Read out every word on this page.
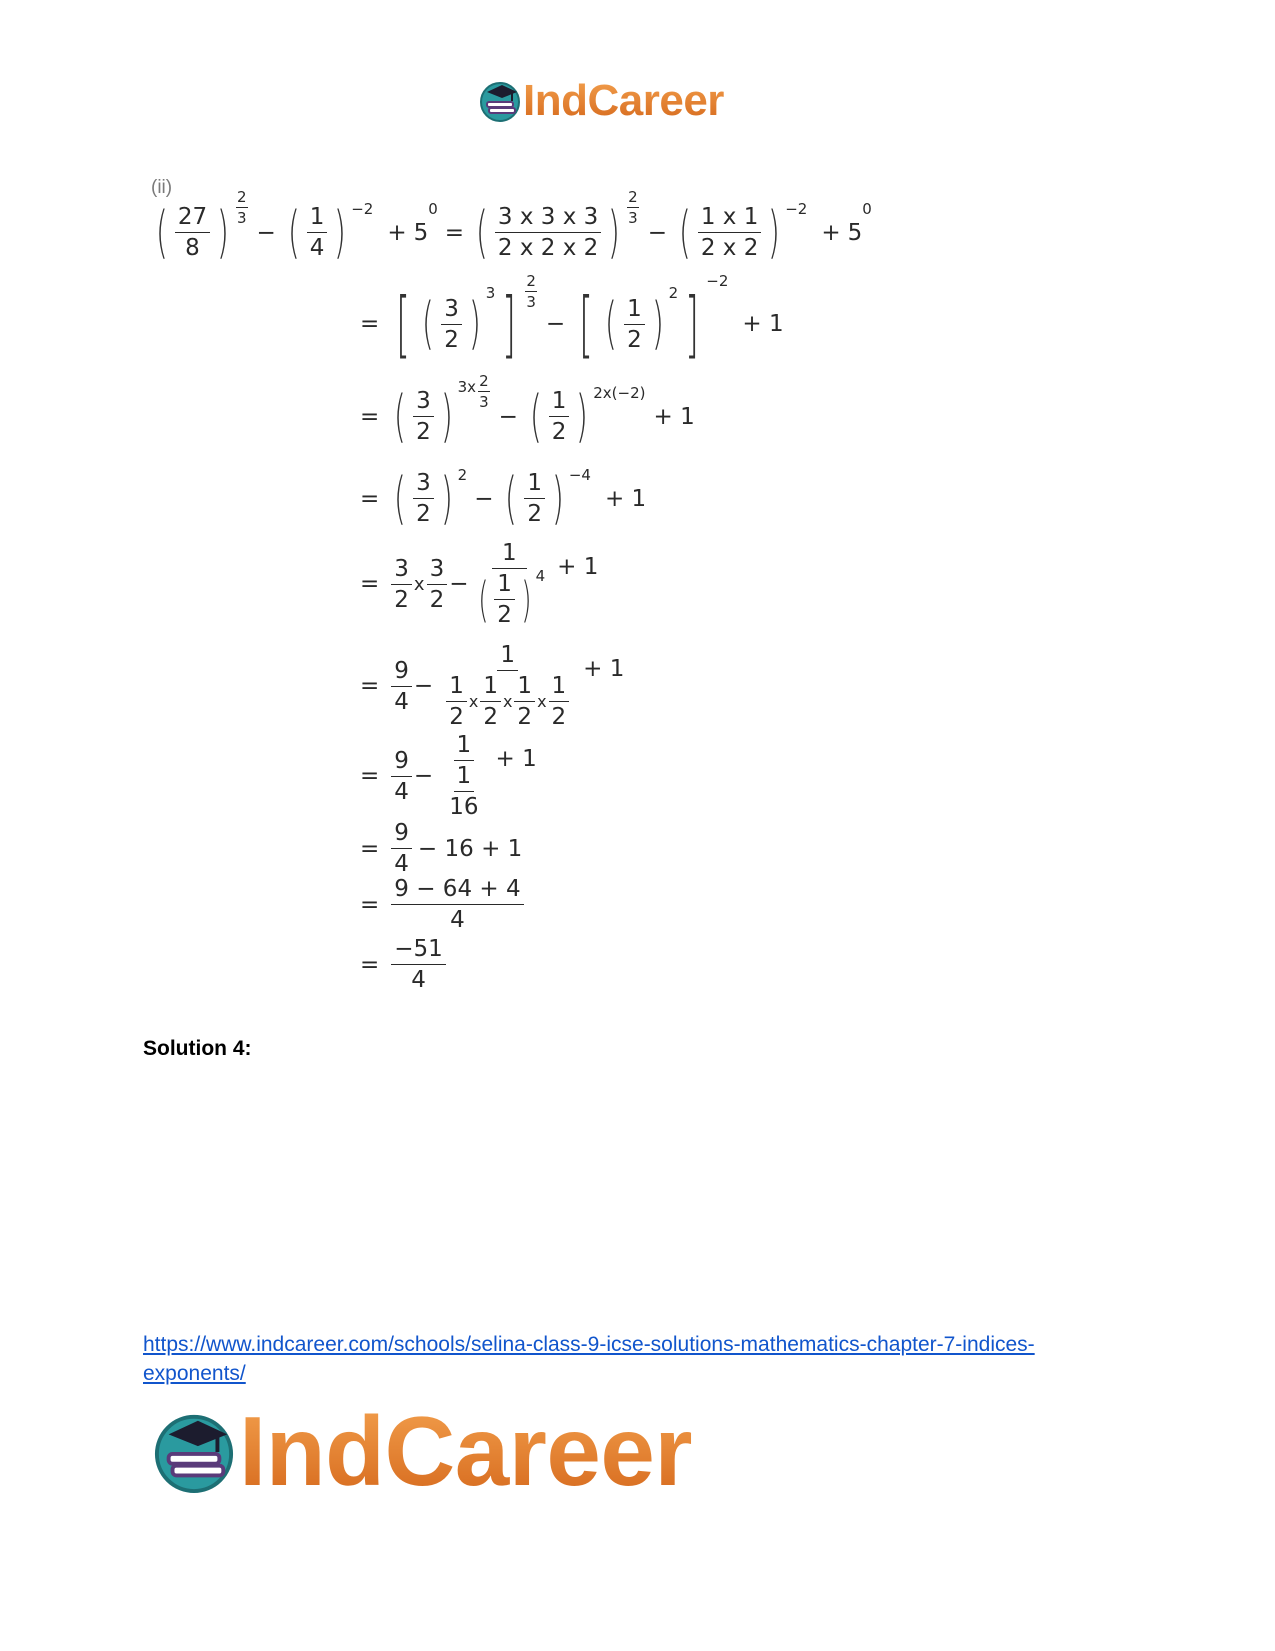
IndCareer
(ii)
( $\frac{27}{8}$ ) $\frac{2}{3}$
− ( $\frac{1}{4}$ ) −2
+ 5
0
= ( $\frac{3 x 3 x 3}{2 x 2 x 2}$ ) $\frac{2}{3}$
− ( $\frac{1 x 1}{2 x 2}$ ) −2
+ 5
0
= [ ( $\frac{3}{2}$ ) 3 ] $\frac{2}{3}$
− [ ( $\frac{1}{2}$ ) 2 ]
−2
+ 1
= ( $\frac{3}{2}$ ) $3x \frac{2}{3}$
− ( $\frac{1}{2}$ ) 2x(−2)
+ 1
= ( $\frac{3}{2}$ ) 2
− ( $\frac{1}{2}$ ) −4
+ 1
= $\frac{3}{2}$ x $\frac{3}{2} - \frac{1}{( \frac{1}{2} ) 4} + 1$
= $\frac{9}{4} - \frac{1}{\frac{1}{2} x \frac{1}{2} x \frac{1}{2} x \frac{1}{2}} + 1$
= $\frac{9}{4} - \frac{1}{\frac{1}{16}} + 1$
= $\frac{9}{4} - 16 + 1$
= $\frac{9 - 64 + 4}{4}$
= $\frac{-51}{4}$
Solution 4:
https://www.indcareer.com/schools/selina-class-9-icse-solutions-mathematics-chapter-7-indices-
exponents/
IndCareer
